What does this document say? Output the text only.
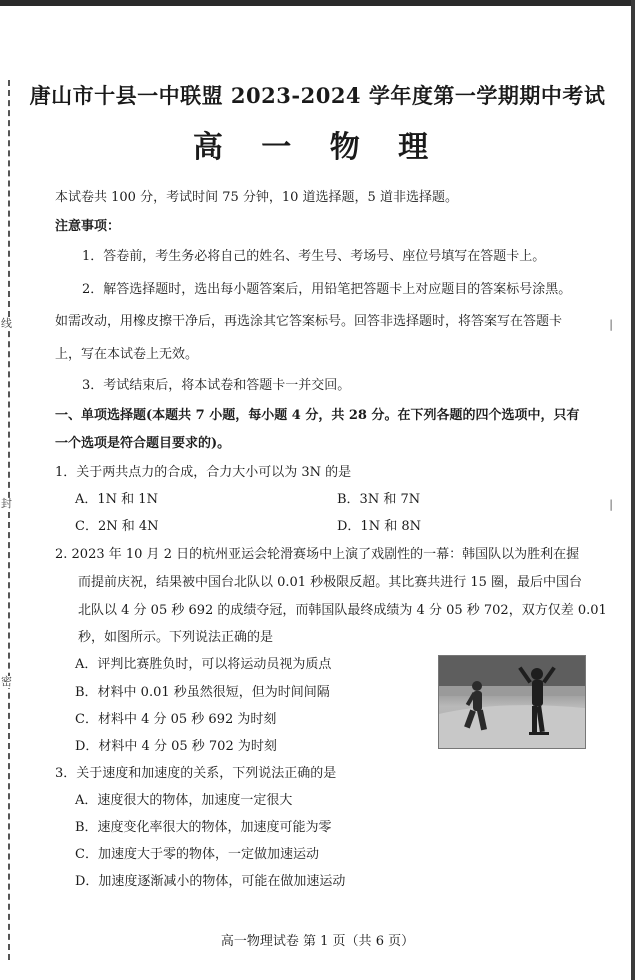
线
封
密
|
|
唐山市十县一中联盟 2023-2024 学年度第一学期期中考试
高 一 物 理
本试卷共 100 分，考试时间 75 分钟，10 道选择题，5 道非选择题。
注意事项：
1．答卷前，考生务必将自己的姓名、考生号、考场号、座位号填写在答题卡上。
2．解答选择题时，选出每小题答案后，用铅笔把答题卡上对应题目的答案标号涂黑。
如需改动，用橡皮擦干净后，再选涂其它答案标号。回答非选择题时，将答案写在答题卡
上，写在本试卷上无效。
3．考试结束后，将本试卷和答题卡一并交回。
一、单项选择题(本题共 7 小题，每小题 4 分，共 28 分。在下列各题的四个选项中，只有
一个选项是符合题目要求的)。
1．关于两共点力的合成，合力大小可以为 3N 的是
A．1N 和 1N	B．3N 和 7N
C．2N 和 4N	D．1N 和 8N
2. 2023 年 10 月 2 日的杭州亚运会轮滑赛场中上演了戏剧性的一幕：韩国队以为胜利在握
而提前庆祝，结果被中国台北队以 0.01 秒极限反超。其比赛共进行 15 圈，最后中国台
北队以 4 分 05 秒 692 的成绩夺冠，而韩国队最终成绩为 4 分 05 秒 702，双方仅差 0.01
秒，如图所示。下列说法正确的是
A．评判比赛胜负时，可以将运动员视为质点
B．材料中 0.01 秒虽然很短，但为时间间隔
C．材料中 4 分 05 秒 692 为时刻
D．材料中 4 分 05 秒 702 为时刻
3．关于速度和加速度的关系，下列说法正确的是
A．速度很大的物体，加速度一定很大
B．速度变化率很大的物体，加速度可能为零
C．加速度大于零的物体，一定做加速运动
D．加速度逐渐减小的物体，可能在做加速运动
高一物理试卷 第 1 页（共 6 页）
